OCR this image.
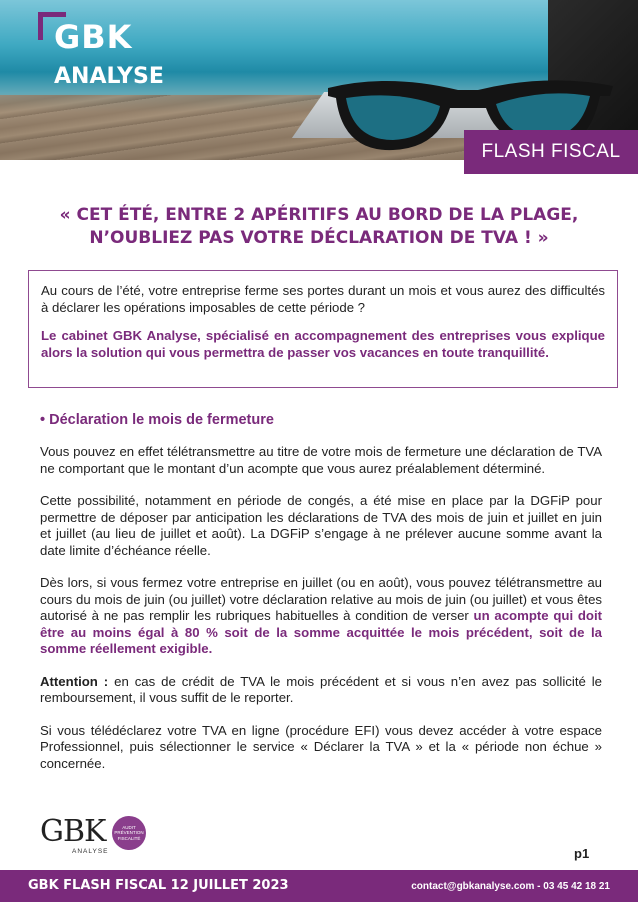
GBK
ANALYSE
FLASH FISCAL
« CET ÉTÉ, ENTRE 2 APÉRITIFS AU BORD DE LA PLAGE,
N’OUBLIEZ PAS VOTRE DÉCLARATION DE TVA ! »

Au cours de l’été, votre entreprise ferme ses portes durant un mois et vous aurez des difficultés à déclarer les opérations imposables de cette période ?

Le cabinet GBK Analyse, spécialisé en accompagnement des entreprises vous explique alors la solution qui vous permettra de passer vos vacances en toute tranquillité.

• Déclaration le mois de fermeture

Vous pouvez en effet télétransmettre au titre de votre mois de fermeture une déclaration de TVA ne comportant que le montant d’un acompte que vous aurez préalablement déterminé.

Cette possibilité, notamment en période de congés, a été mise en place par la DGFiP pour permettre de déposer par anticipation les déclarations de TVA des mois de juin et juillet en juin et juillet (au lieu de juillet et août). La DGFiP s’engage à ne prélever aucune somme avant la date limite d’échéance réelle.

Dès lors, si vous fermez votre entreprise en juillet (ou en août), vous pouvez télétransmettre au cours du mois de juin (ou juillet) votre déclaration relative au mois de juin (ou juillet) et vous êtes autorisé à ne pas remplir les rubriques habituelles à condition de verser un acompte qui doit être au moins égal à 80 % soit de la somme acquittée le mois précédent, soit de la somme réellement exigible.

Attention : en cas de crédit de TVA le mois précédent et si vous n’en avez pas sollicité le remboursement, il vous suffit de le reporter.

Si vous télédéclarez votre TVA en ligne (procédure EFI) vous devez accéder à votre espace Professionnel, puis sélectionner le service « Déclarer la TVA » et la « période non échue » concernée.

GBK	AUDIT PRÉVENTION FISCALITÉ
ANALYSE	p1
GBK FLASH FISCAL 12 JUILLET 2023	contact@gbkanalyse.com - 03 45 42 18 21
